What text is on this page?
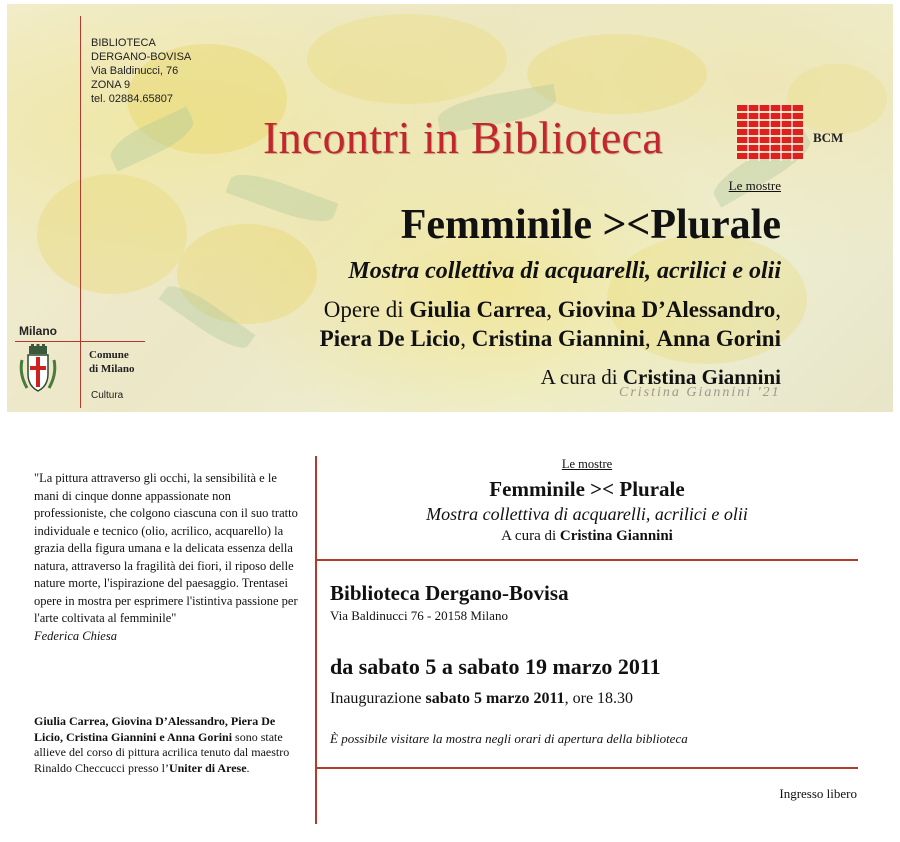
BIBLIOTECA
DERGANO-BOVISA
Via Baldinucci, 76
ZONA 9
tel. 02884.65807
Milano
Comune
di Milano
Cultura
Incontri in Biblioteca	BCM
Le mostre
Femminile ><Plurale
Mostra collettiva di acquarelli, acrilici e olii
Opere di Giulia Carrea, Giovina D’Alessandro,
Piera De Licio, Cristina Giannini, Anna Gorini
A cura di Cristina Giannini
Cristina Giannini '21
"La pittura attraverso gli occhi, la sensibilità e le mani di cinque donne appassionate non professioniste, che colgono ciascuna con il suo tratto individuale e tecnico (olio, acrilico, acquarello) la grazia della figura umana e la delicata essenza della natura, attraverso la fragilità dei fiori, il riposo delle nature morte, l'ispirazione del paesaggio. Trentasei opere in mostra per esprimere l'istintiva passione per l'arte coltivata al femminile"
Federica Chiesa
Giulia Carrea, Giovina D’Alessandro, Piera De Licio, Cristina Giannini e Anna Gorini sono state allieve del corso di pittura acrilica tenuto dal maestro Rinaldo Checcucci presso l’Uniter di Arese.
Le mostre
Femminile >< Plurale
Mostra collettiva di acquarelli, acrilici e olii
A cura di Cristina Giannini
Biblioteca Dergano-Bovisa
Via Baldinucci 76 - 20158 Milano
da sabato 5 a sabato 19 marzo 2011
Inaugurazione sabato 5 marzo 2011, ore 18.30
È possibile visitare la mostra negli orari di apertura della biblioteca
Ingresso libero
